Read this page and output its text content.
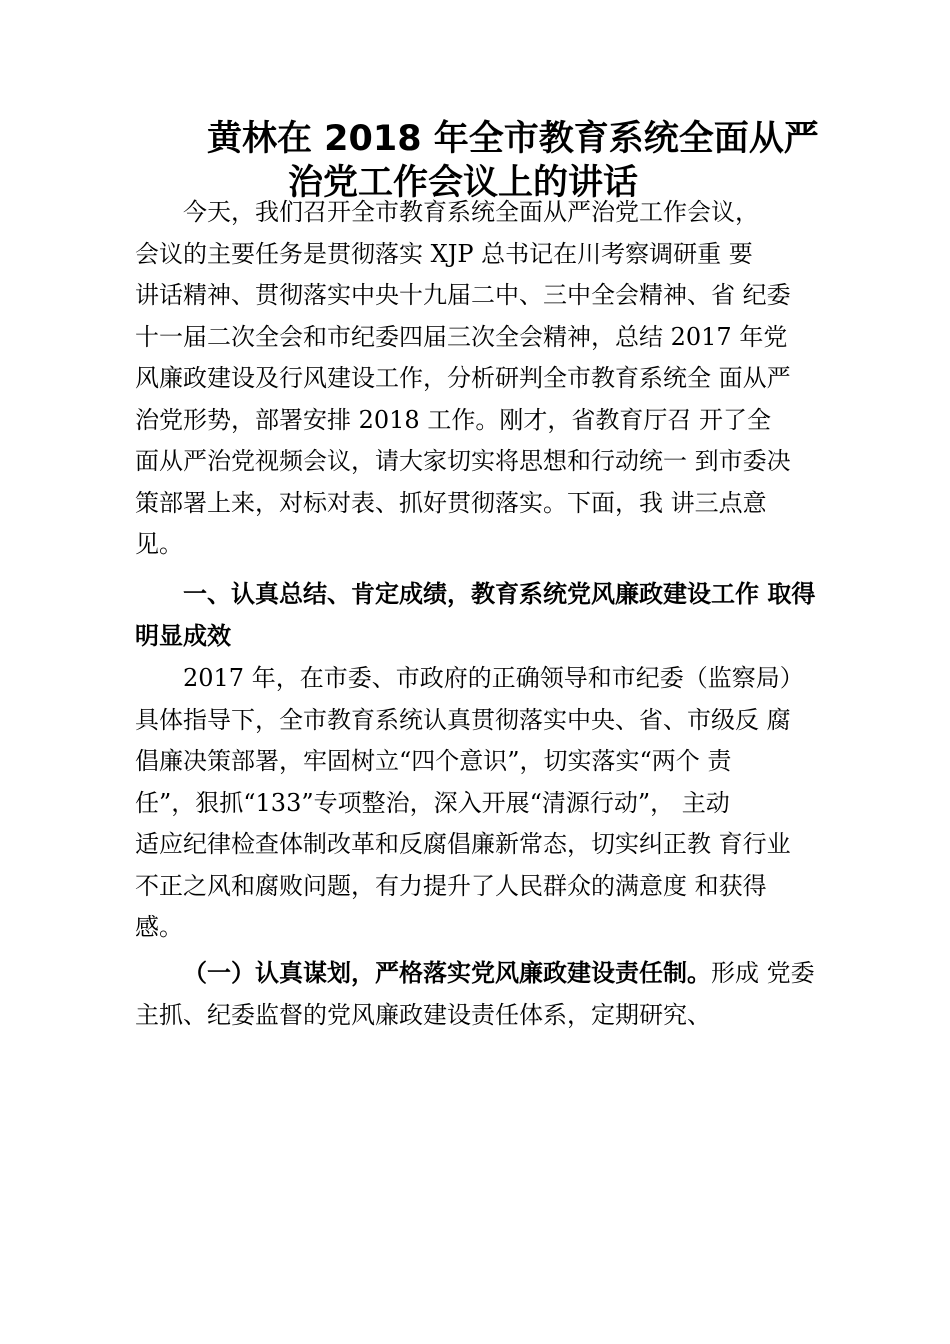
黄林在 2018 年全市教育系统全面从严
治党工作会议上的讲话
今天，我们召开全市教育系统全面从严治党工作会议，
会议的主要任务是贯彻落实 XJP 总书记在川考察调研重 要
讲话精神、贯彻落实中央十九届二中、三中全会精神、省 纪委
十一届二次全会和市纪委四届三次全会精神，总结 2017 年党
风廉政建设及行风建设工作，分析研判全市教育系统全 面从严
治党形势，部署安排 2018 工作。刚才，省教育厅召 开了全
面从严治党视频会议，请大家切实将思想和行动统一 到市委决
策部署上来，对标对表、抓好贯彻落实。下面，我 讲三点意
见。
一、认真总结、肯定成绩，教育系统党风廉政建设工作 取得
明显成效
2017 年，在市委、市政府的正确领导和市纪委（监察局）
具体指导下，全市教育系统认真贯彻落实中央、省、市级反 腐
倡廉决策部署，牢固树立“四个意识”，切实落实“两个 责
任”，狠抓“133”专项整治，深入开展“清源行动”， 主动
适应纪律检查体制改革和反腐倡廉新常态，切实纠正教 育行业
不正之风和腐败问题，有力提升了人民群众的满意度 和获得
感。
（一）认真谋划，严格落实党风廉政建设责任制。形成 党委
主抓、纪委监督的党风廉政建设责任体系，定期研究、
